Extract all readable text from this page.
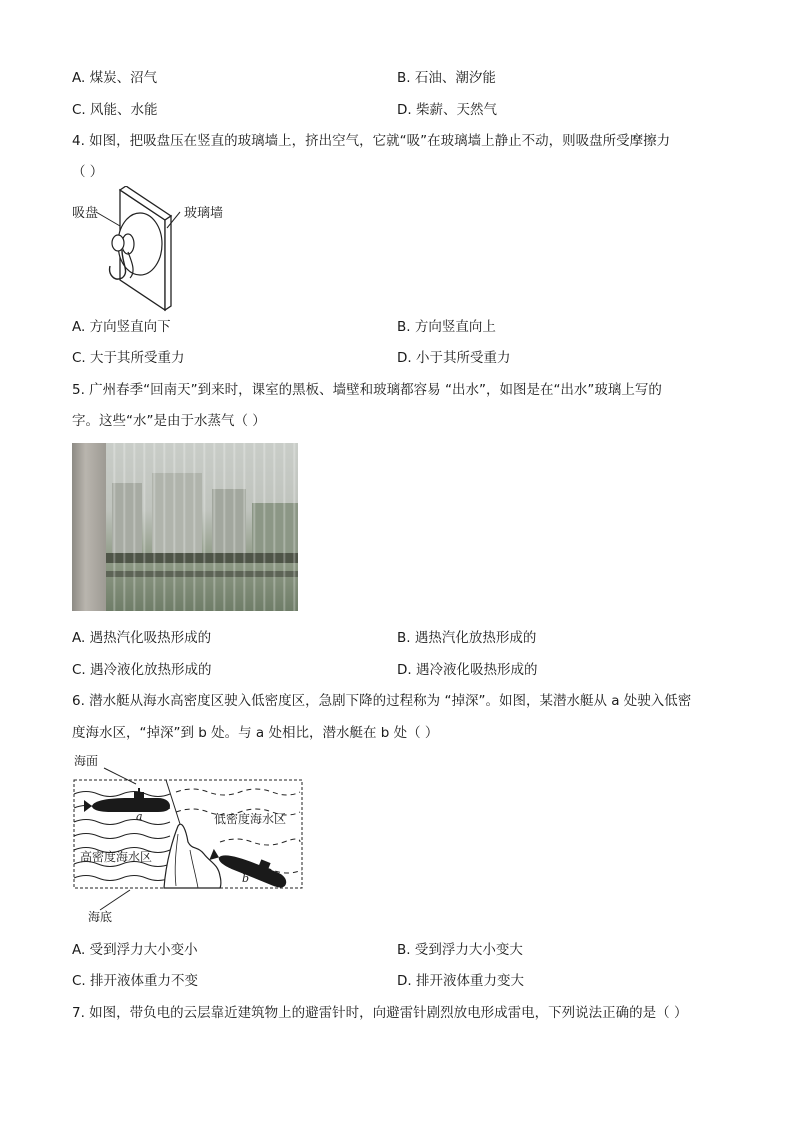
A. 煤炭、沼气	B. 石油、潮汐能
C. 风能、水能	D. 柴薪、天然气
4. 如图，把吸盘压在竖直的玻璃墙上，挤出空气，它就“吸”在玻璃墙上静止不动，则吸盘所受摩擦力
（ ）
吸盘	玻璃墙
A. 方向竖直向下	B. 方向竖直向上
C. 大于其所受重力	D. 小于其所受重力
5. 广州春季“回南天”到来时，课室的黑板、墙壁和玻璃都容易 “出水”，如图是在“出水”玻璃上写的
字。这些“水”是由于水蒸气（ ）
A. 遇热汽化吸热形成的	B. 遇热汽化放热形成的
C. 遇冷液化放热形成的	D. 遇冷液化吸热形成的
6. 潜水艇从海水高密度区驶入低密度区，急剧下降的过程称为 “掉深”。如图，某潜水艇从 a 处驶入低密
度海水区，“掉深”到 b 处。与 a 处相比，潜水艇在 b 处（ ）
海面
低密度海水区
高密度海水区
a
b
海底
A. 受到浮力大小变小	B. 受到浮力大小变大
C. 排开液体重力不变	D. 排开液体重力变大
7. 如图，带负电的云层靠近建筑物上的避雷针时，向避雷针剧烈放电形成雷电，下列说法正确的是（ ）
